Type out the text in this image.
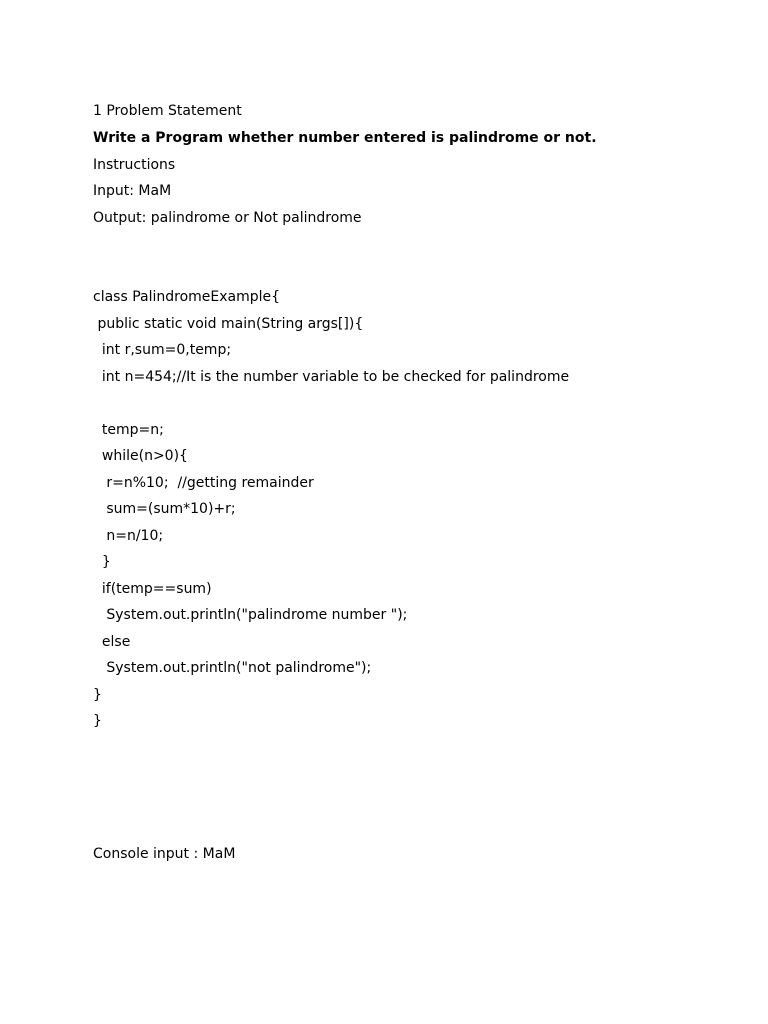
1 Problem Statement

Write a Program whether number entered is palindrome or not.

Instructions

Input: MaM

Output: palindrome or Not palindrome

class PalindromeExample{

public static void main(String args[]){

int r,sum=0,temp;

int n=454;//It is the number variable to be checked for palindrome

temp=n;

while(n>0){

r=n%10;  //getting remainder

sum=(sum*10)+r;

n=n/10;

}

if(temp==sum)

System.out.println("palindrome number ");

else

System.out.println("not palindrome");

}

}

Console input : MaM
